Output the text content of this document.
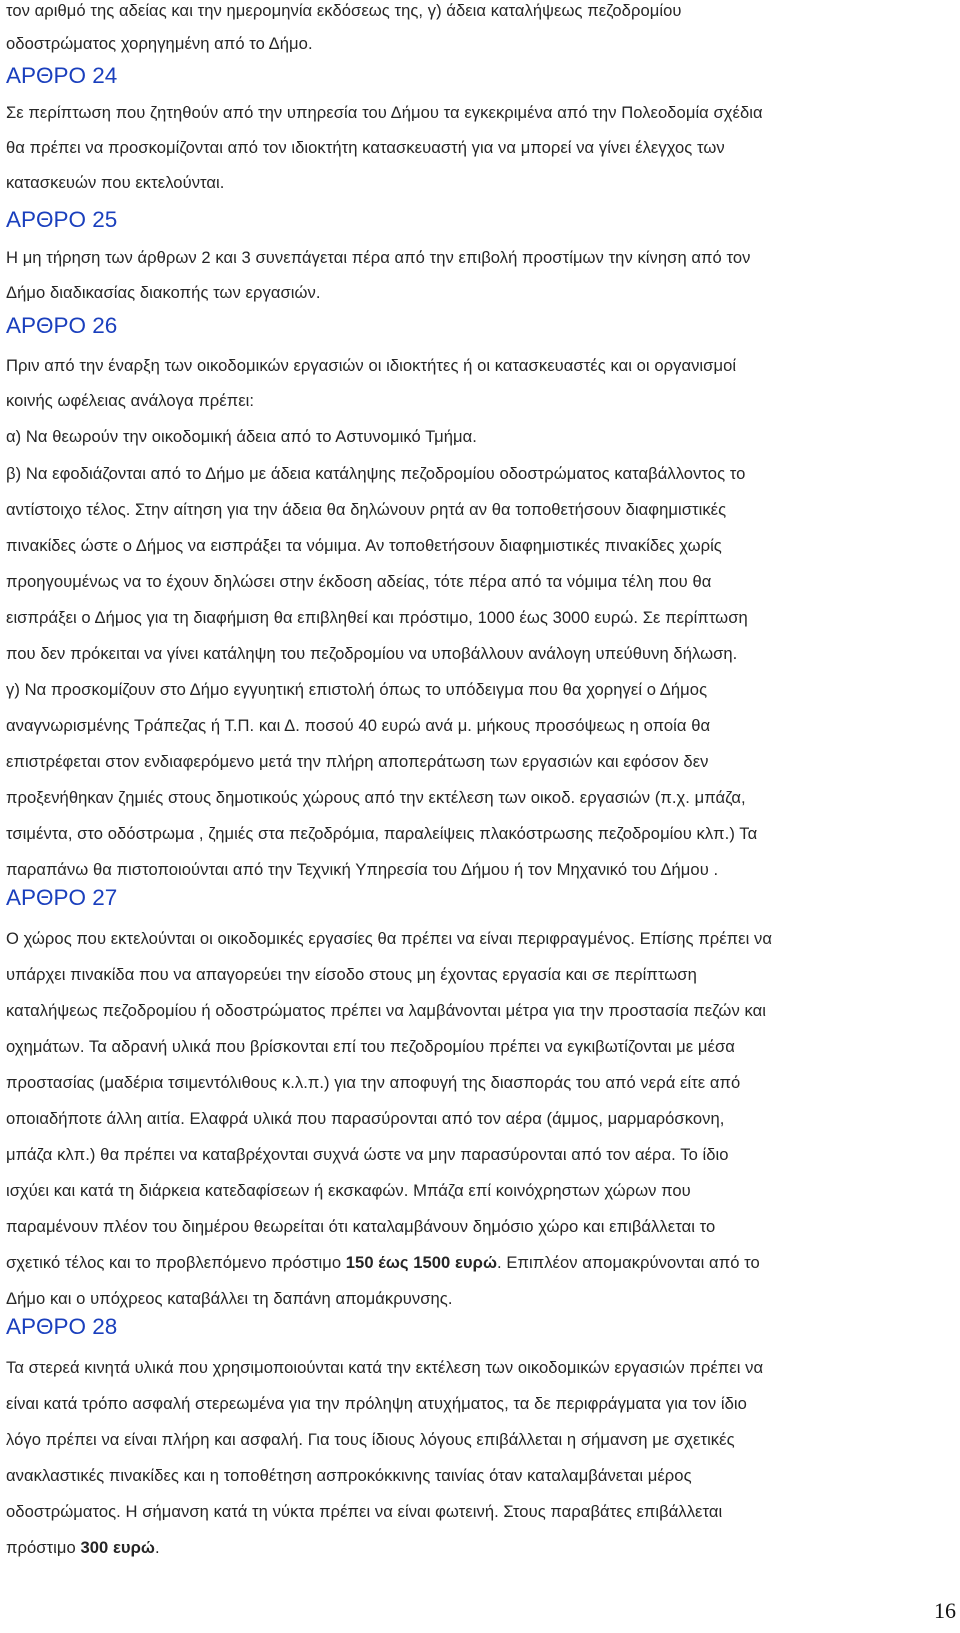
τον αριθμό της αδείας και την ημερομηνία εκδόσεως της, γ) άδεια καταλήψεως πεζοδρομίου
οδοστρώματος χορηγημένη από το Δήμο.
ΑΡΘΡΟ 24
Σε περίπτωση που ζητηθούν από την υπηρεσία του Δήμου τα εγκεκριμένα από την Πολεοδομία σχέδια
θα πρέπει να προσκομίζονται από τον ιδιοκτήτη κατασκευαστή για να μπορεί να γίνει έλεγχος των
κατασκευών που εκτελούνται.
ΑΡΘΡΟ 25
Η μη τήρηση των άρθρων 2 και 3 συνεπάγεται πέρα από την επιβολή προστίμων την κίνηση από τον
Δήμο διαδικασίας διακοπής των εργασιών.
ΑΡΘΡΟ 26
Πριν από την έναρξη των οικοδομικών εργασιών οι ιδιοκτήτες ή οι κατασκευαστές και οι οργανισμοί
κοινής ωφέλειας ανάλογα πρέπει:
α) Να θεωρούν την οικοδομική άδεια από το Αστυνομικό Τμήμα.
β) Να εφοδιάζονται από το Δήμο με άδεια κατάληψης πεζοδρομίου οδοστρώματος καταβάλλοντος το
αντίστοιχο τέλος. Στην αίτηση για την άδεια θα δηλώνουν ρητά αν θα τοποθετήσουν διαφημιστικές
πινακίδες ώστε ο Δήμος να εισπράξει τα νόμιμα. Αν τοποθετήσουν διαφημιστικές πινακίδες χωρίς
προηγουμένως να το έχουν δηλώσει στην έκδοση αδείας, τότε πέρα από τα νόμιμα τέλη που θα
εισπράξει ο Δήμος για τη διαφήμιση θα επιβληθεί και πρόστιμο, 1000 έως 3000 ευρώ. Σε περίπτωση
που δεν πρόκειται να γίνει κατάληψη του πεζοδρομίου να υποβάλλουν ανάλογη υπεύθυνη δήλωση.
γ) Να προσκομίζουν στο Δήμο εγγυητική επιστολή όπως το υπόδειγμα που θα χορηγεί ο Δήμος
αναγνωρισμένης Τράπεζας ή Τ.Π. και Δ. ποσού 40 ευρώ ανά μ. μήκους προσόψεως η οποία θα
επιστρέφεται στον ενδιαφερόμενο μετά την πλήρη αποπεράτωση των εργασιών και εφόσον δεν
προξενήθηκαν ζημιές στους δημοτικούς χώρους από την εκτέλεση των οικοδ. εργασιών (π.χ. μπάζα,
τσιμέντα, στο οδόστρωμα , ζημιές στα πεζοδρόμια, παραλείψεις πλακόστρωσης πεζοδρομίου κλπ.) Τα
παραπάνω θα πιστοποιούνται από την Τεχνική Υπηρεσία του Δήμου ή τον Μηχανικό του Δήμου .
ΑΡΘΡΟ 27
Ο χώρος που εκτελούνται οι οικοδομικές εργασίες θα πρέπει να είναι περιφραγμένος. Επίσης πρέπει να
υπάρχει πινακίδα που να απαγορεύει την είσοδο στους μη έχοντας εργασία και σε περίπτωση
καταλήψεως πεζοδρομίου ή οδοστρώματος πρέπει να λαμβάνονται μέτρα για την προστασία πεζών και
οχημάτων. Τα αδρανή υλικά που βρίσκονται επί του πεζοδρομίου πρέπει να εγκιβωτίζονται με μέσα
προστασίας (μαδέρια τσιμεντόλιθους κ.λ.π.) για την αποφυγή της διασποράς του από νερά είτε από
οποιαδήποτε άλλη αιτία. Ελαφρά υλικά που παρασύρονται από τον αέρα (άμμος, μαρμαρόσκονη,
μπάζα κλπ.) θα πρέπει να καταβρέχονται συχνά ώστε να μην παρασύρονται από τον αέρα. Το ίδιο
ισχύει και κατά τη διάρκεια κατεδαφίσεων ή εκσκαφών. Μπάζα επί κοινόχρηστων χώρων που
παραμένουν πλέον του διημέρου θεωρείται ότι καταλαμβάνουν δημόσιο χώρο και επιβάλλεται το
σχετικό τέλος και το προβλεπόμενο πρόστιμο 150 έως 1500 ευρώ. Επιπλέον απομακρύνονται από το
Δήμο και ο υπόχρεος καταβάλλει τη δαπάνη απομάκρυνσης.
ΑΡΘΡΟ 28
Τα στερεά κινητά υλικά που χρησιμοποιούνται κατά την εκτέλεση των οικοδομικών εργασιών πρέπει να
είναι κατά τρόπο ασφαλή στερεωμένα για την πρόληψη ατυχήματος, τα δε περιφράγματα για τον ίδιο
λόγο πρέπει να είναι πλήρη και ασφαλή. Για τους ίδιους λόγους επιβάλλεται η σήμανση με σχετικές
ανακλαστικές πινακίδες και η τοποθέτηση ασπροκόκκινης ταινίας όταν καταλαμβάνεται μέρος
οδοστρώματος. Η σήμανση κατά τη νύκτα πρέπει να είναι φωτεινή. Στους παραβάτες επιβάλλεται
πρόστιμο 300 ευρώ.
16
